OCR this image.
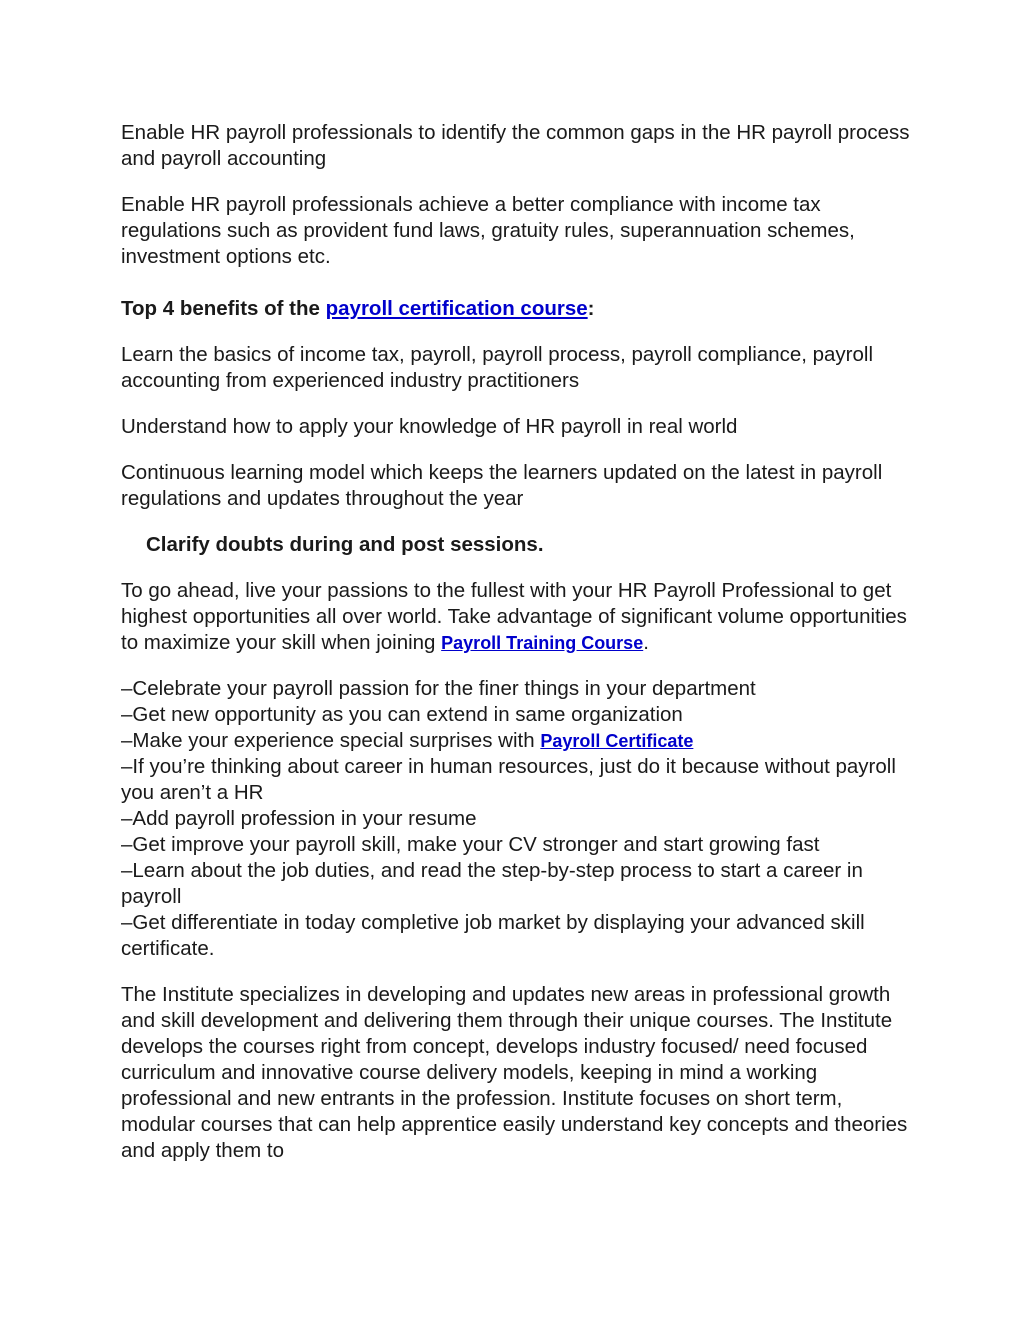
Enable HR payroll professionals to identify the common gaps in the HR payroll process and payroll accounting

Enable HR payroll professionals achieve a better compliance with income tax regulations such as provident fund laws, gratuity rules, superannuation schemes, investment options etc.

Top 4 benefits of the payroll certification course:

Learn the basics of income tax, payroll, payroll process, payroll compliance, payroll accounting from experienced industry practitioners

Understand how to apply your knowledge of HR payroll in real world

Continuous learning model which keeps the learners updated on the latest in payroll regulations and updates throughout the year

Clarify doubts during and post sessions.

To go ahead, live your passions to the fullest with your HR Payroll Professional to get highest opportunities all over world. Take advantage of significant volume opportunities to maximize your skill when joining Payroll Training Course.

–Celebrate your payroll passion for the finer things in your department

–Get new opportunity as you can extend in same organization

–Make your experience special surprises with Payroll Certificate

–If you’re thinking about career in human resources, just do it because without payroll you aren’t a HR

–Add payroll profession in your resume

–Get improve your payroll skill, make your CV stronger and start growing fast

–Learn about the job duties, and read the step-by-step process to start a career in payroll

–Get differentiate in today completive job market by displaying your advanced skill certificate.

The Institute specializes in developing and updates new areas in professional growth and skill development and delivering them through their unique courses. The Institute develops the courses right from concept, develops industry focused/ need focused curriculum and innovative course delivery models, keeping in mind a working professional and new entrants in the profession. Institute focuses on short term, modular courses that can help apprentice easily understand key concepts and theories and apply them to
